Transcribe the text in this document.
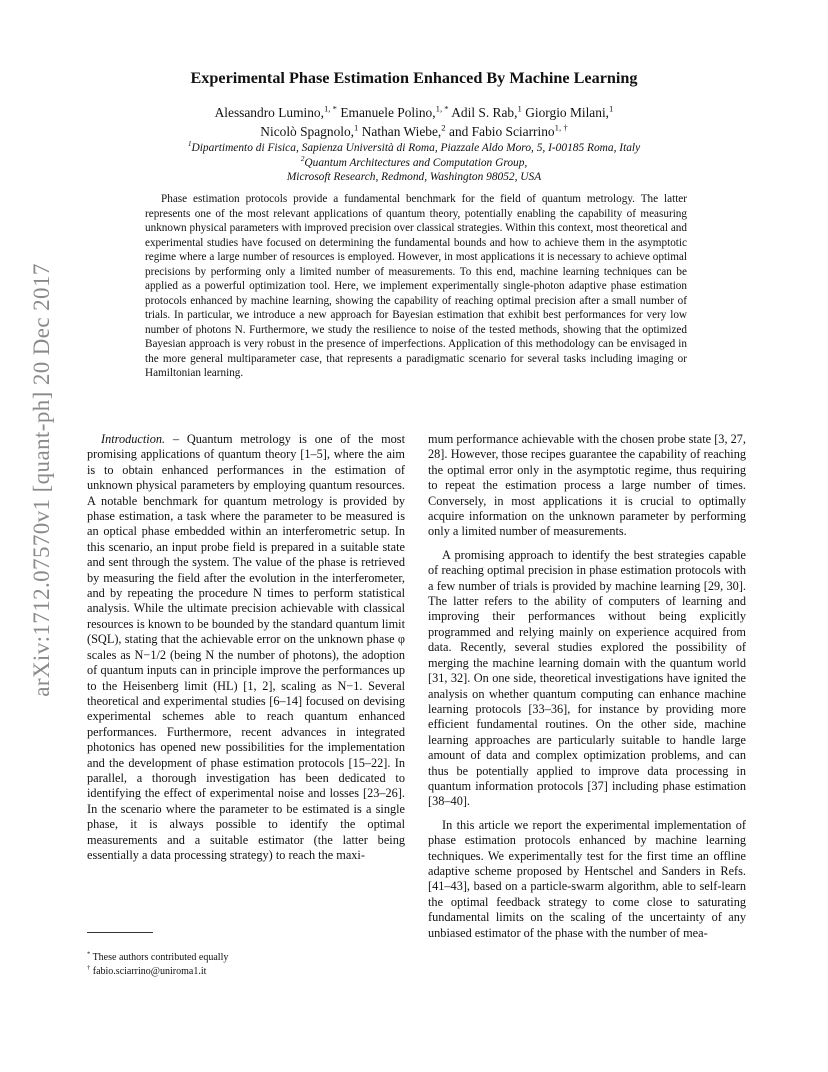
arXiv:1712.07570v1 [quant-ph] 20 Dec 2017
Experimental Phase Estimation Enhanced By Machine Learning
Alessandro Lumino,$^{1, *}$ Emanuele Polino,$^{1, *}$ Adil S. Rab,$^1$ Giorgio Milani,$^1$
Nicolò Spagnolo,$^1$ Nathan Wiebe,$^2$ and Fabio Sciarrino$^{1, \dagger}$
$^1$Dipartimento di Fisica, Sapienza Università di Roma, Piazzale Aldo Moro, 5, I-00185 Roma, Italy
$^2$Quantum Architectures and Computation Group,
Microsoft Research, Redmond, Washington 98052, USA
Phase estimation protocols provide a fundamental benchmark for the field of quantum metrology. The latter represents one of the most relevant applications of quantum theory, potentially enabling the capability of measuring unknown physical parameters with improved precision over classical strategies. Within this context, most theoretical and experimental studies have focused on determining the fundamental bounds and how to achieve them in the asymptotic regime where a large number of resources is employed. However, in most applications it is necessary to achieve optimal precisions by performing only a limited number of measurements. To this end, machine learning techniques can be applied as a powerful optimization tool. Here, we implement experimentally single-photon adaptive phase estimation protocols enhanced by machine learning, showing the capability of reaching optimal precision after a small number of trials. In particular, we introduce a new approach for Bayesian estimation that exhibit best performances for very low number of photons N. Furthermore, we study the resilience to noise of the tested methods, showing that the optimized Bayesian approach is very robust in the presence of imperfections. Application of this methodology can be envisaged in the more general multiparameter case, that represents a paradigmatic scenario for several tasks including imaging or Hamiltonian learning.

Introduction. – Quantum metrology is one of the most promising applications of quantum theory [1–5], where the aim is to obtain enhanced performances in the estimation of unknown physical parameters by employing quantum resources. A notable benchmark for quantum metrology is provided by phase estimation, a task where the parameter to be measured is an optical phase embedded within an interferometric setup. In this scenario, an input probe field is prepared in a suitable state and sent through the system. The value of the phase is retrieved by measuring the field after the evolution in the interferometer, and by repeating the procedure N times to perform statistical analysis. While the ultimate precision achievable with classical resources is known to be bounded by the standard quantum limit (SQL), stating that the achievable error on the unknown phase φ scales as N−1/2 (being N the number of photons), the adoption of quantum inputs can in principle improve the performances up to the Heisenberg limit (HL) [1, 2], scaling as N−1. Several theoretical and experimental studies [6–14] focused on devising experimental schemes able to reach quantum enhanced performances. Furthermore, recent advances in integrated photonics has opened new possibilities for the implementation and the development of phase estimation protocols [15–22]. In parallel, a thorough investigation has been dedicated to identifying the effect of experimental noise and losses [23–26]. In the scenario where the parameter to be estimated is a single phase, it is always possible to identify the optimal measurements and a suitable estimator (the latter being essentially a data processing strategy) to reach the maxi-

mum performance achievable with the chosen probe state [3, 27, 28]. However, those recipes guarantee the capability of reaching the optimal error only in the asymptotic regime, thus requiring to repeat the estimation process a large number of times. Conversely, in most applications it is crucial to optimally acquire information on the unknown parameter by performing only a limited number of measurements.

A promising approach to identify the best strategies capable of reaching optimal precision in phase estimation protocols with a few number of trials is provided by machine learning [29, 30]. The latter refers to the ability of computers of learning and improving their performances without being explicitly programmed and relying mainly on experience acquired from data. Recently, several studies explored the possibility of merging the machine learning domain with the quantum world [31, 32]. On one side, theoretical investigations have ignited the analysis on whether quantum computing can enhance machine learning protocols [33–36], for instance by providing more efficient fundamental routines. On the other side, machine learning approaches are particularly suitable to handle large amount of data and complex optimization problems, and can thus be potentially applied to improve data processing in quantum information protocols [37] including phase estimation [38–40].

In this article we report the experimental implementation of phase estimation protocols enhanced by machine learning techniques. We experimentally test for the first time an offline adaptive scheme proposed by Hentschel and Sanders in Refs. [41–43], based on a particle-swarm algorithm, able to self-learn the optimal feedback strategy to come close to saturating fundamental limits on the scaling of the uncertainty of any unbiased estimator of the phase with the number of mea-

* These authors contributed equally
† fabio.sciarrino@uniroma1.it
